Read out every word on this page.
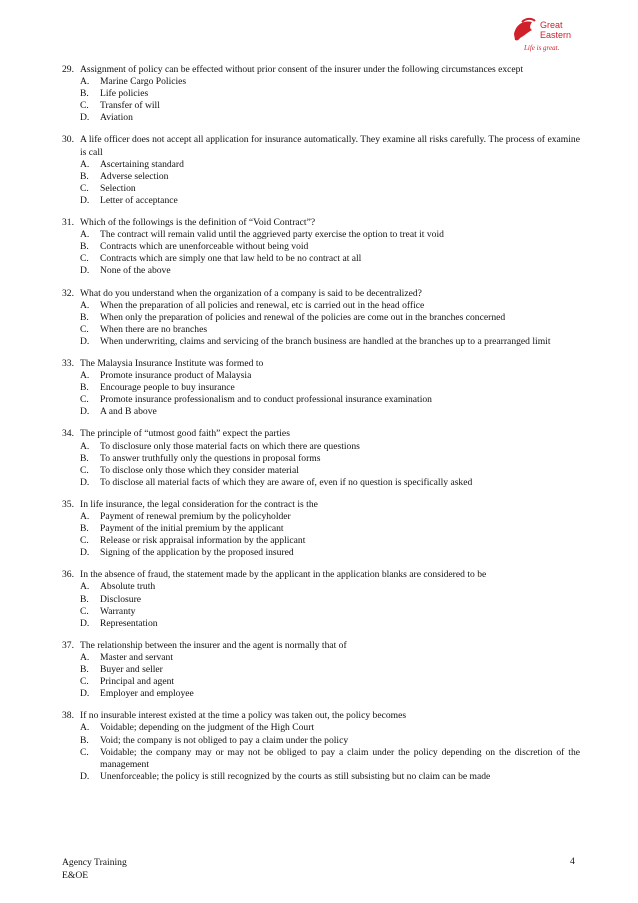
Great
Eastern
Life is great.
29. Assignment of policy can be effected without prior consent of the insurer under the following circumstances except
A.	Marine Cargo Policies
B.	Life policies
C.	Transfer of will
D.	Aviation
30. A life officer does not accept all application for insurance automatically. They examine all risks carefully. The process of examine is call
A.	Ascertaining standard
B.	Adverse selection
C.	Selection
D.	Letter of acceptance
31. Which of the followings is the definition of “Void Contract”?
A.	The contract will remain valid until the aggrieved party exercise the option to treat it void
B.	Contracts which are unenforceable without being void
C.	Contracts which are simply one that law held to be no contract at all
D.	None of the above
32. What do you understand when the organization of a company is said to be decentralized?
A.	When the preparation of all policies and renewal, etc is carried out in the head office
B.	When only the preparation of policies and renewal of the policies are come out in the branches concerned
C.	When there are no branches
D.	When underwriting, claims and servicing of the branch business are handled at the branches up to a prearranged limit
33. The Malaysia Insurance Institute was formed to
A.	Promote insurance product of Malaysia
B.	Encourage people to buy insurance
C.	Promote insurance professionalism and to conduct professional insurance examination
D.	A and B above
34. The principle of “utmost good faith” expect the parties
A.	To disclosure only those material facts on which there are questions
B.	To answer truthfully only the questions in proposal forms
C.	To disclose only those which they consider material
D.	To disclose all material facts of which they are aware of, even if no question is specifically asked
35. In life insurance, the legal consideration for the contract is the
A.	Payment of renewal premium by the policyholder
B.	Payment of the initial premium by the applicant
C.	Release or risk appraisal information by the applicant
D.	Signing of the application by the proposed insured
36. In the absence of fraud, the statement made by the applicant in the application blanks are considered to be
A.	Absolute truth
B.	Disclosure
C.	Warranty
D.	Representation
37. The relationship between the insurer and the agent is normally that of
A.	Master and servant
B.	Buyer and seller
C.	Principal and agent
D.	Employer and employee
38. If no insurable interest existed at the time a policy was taken out, the policy becomes
A.	Voidable; depending on the judgment of the High Court
B.	Void; the company is not obliged to pay a claim under the policy
C.	Voidable; the company may or may not be obliged to pay a claim under the policy depending on the discretion of the management
D.	Unenforceable; the policy is still recognized by the courts as still subsisting but no claim can be made
Agency Training
E&OE
4
